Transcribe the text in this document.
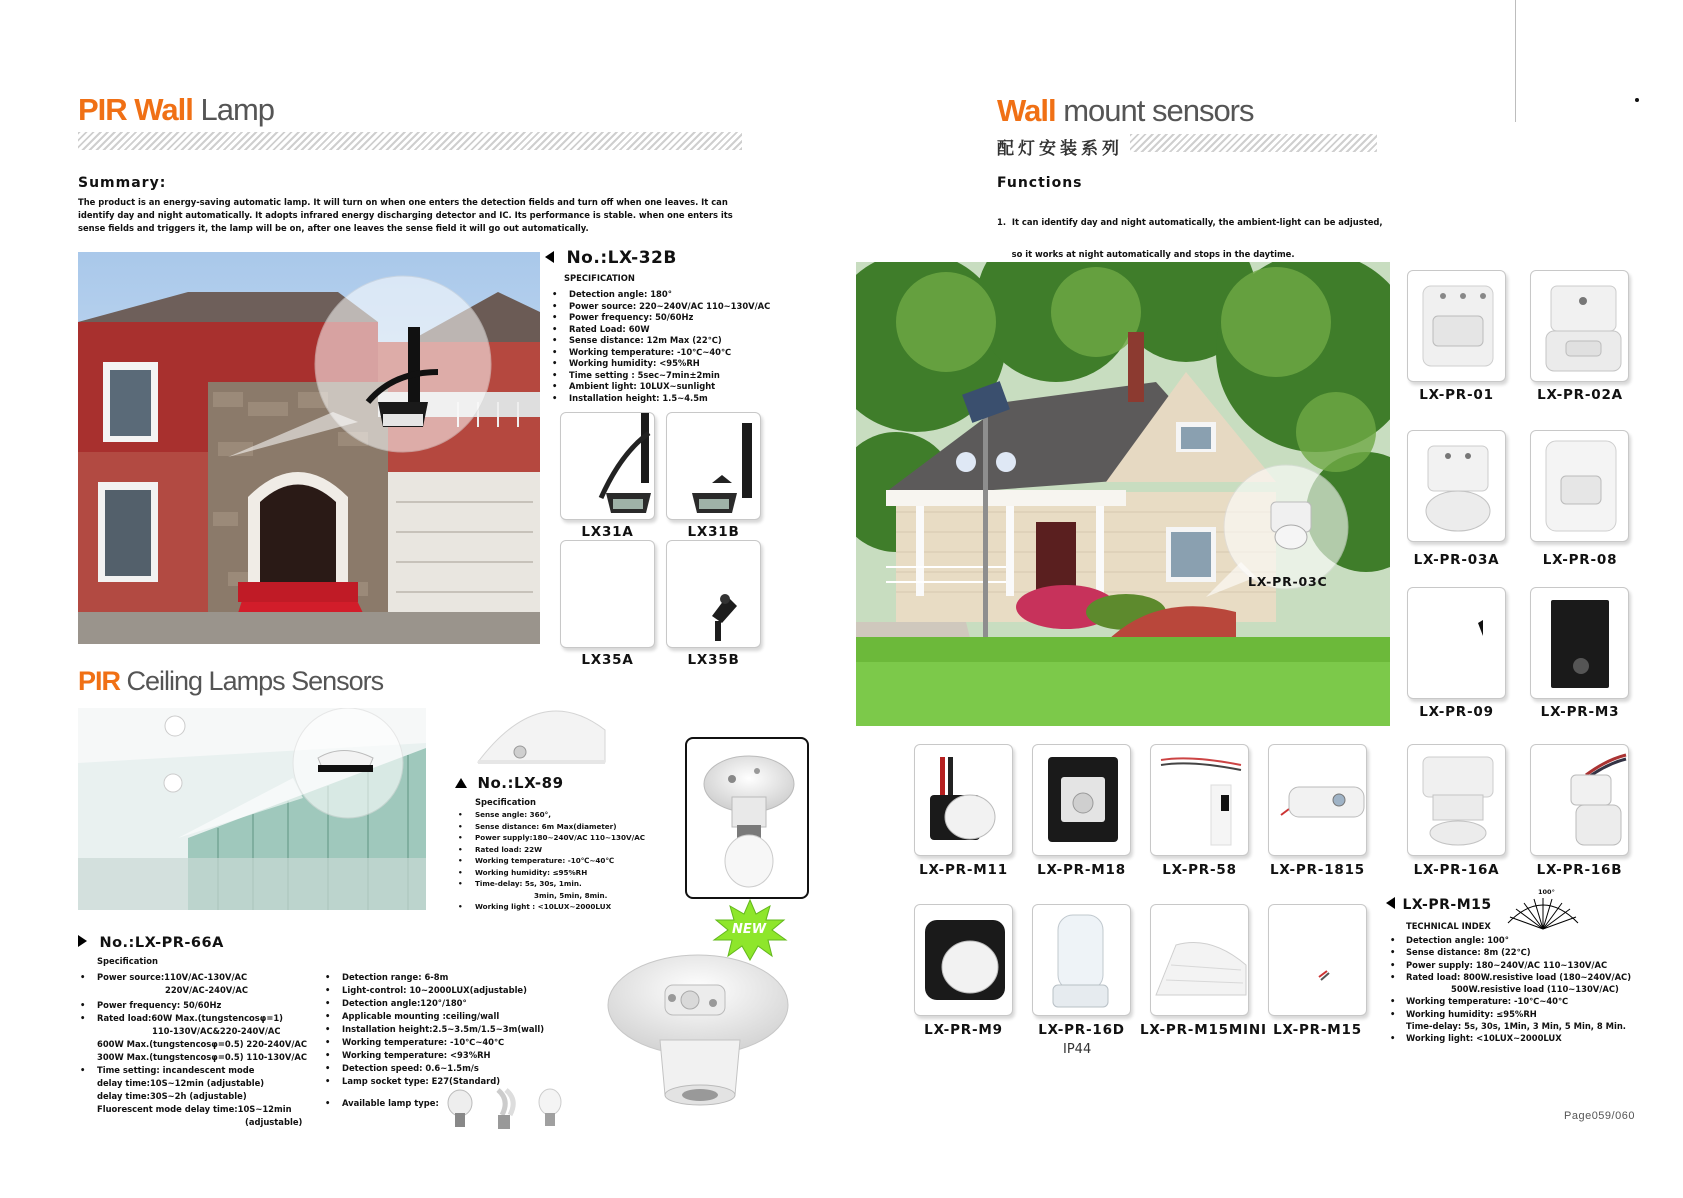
PIR Wall Lamp
Summary:
The product is an energy-saving automatic lamp. It will turn on when one enters the detection fields and turn off when one leaves. It can identify day and night automatically. It adopts infrared energy discharging detector and IC. Its performance is stable. when one enters its sense fields and triggers it, the lamp will be on, after one leaves the sense field it will go out automatically.
No.:LX-32B
SPECIFICATION
• Detection angle: 180°
• Power source: 220~240V/AC 110~130V/AC
• Power frequency: 50/60Hz
• Rated Load: 60W
• Sense distance: 12m Max (22℃)
• Working temperature: -10℃~40℃
• Working humidity: <95%RH
• Time setting : 5sec~7min±2min
• Ambient light: 10LUX~sunlight
• Installation height: 1.5~4.5m
LX31A	LX31B
LX35A	LX35B
PIR Ceiling Lamps Sensors
No.:LX-89
Specification
• Sense angle: 360°,
• Sense distance: 6m Max(diameter)
• Power supply:180~240V/AC 110~130V/AC
• Rated load: 22W
• Working temperature: -10℃~40℃
• Working humidity: ≤95%RH
• Time-delay: 5s, 30s, 1min.
3min, 5min, 8min.
• Working light : <10LUX~2000LUX
No.:LX-PR-66A
Specification
• Power source:110V/AC-130V/AC
220V/AC-240V/AC
• Power frequency: 50/60Hz
• Rated load:60W Max.(tungstencosφ=1)
110-130V/AC&220-240V/AC
600W Max.(tungstencosφ=0.5) 220-240V/AC
300W Max.(tungstencosφ=0.5) 110-130V/AC
• Time setting: incandescent mode
delay time:10S~12min (adjustable)
delay time:30S~2h (adjustable)
Fluorescent mode delay time:10S~12min
(adjustable)
• Detection range: 6-8m
• Light-control: 10~2000LUX(adjustable)
• Detection angle:120°/180°
• Applicable mounting :ceiling/wall
• Installation height:2.5~3.5m/1.5~3m(wall)
• Working temperature: -10℃~40℃
• Working temperature: <93%RH
• Detection speed: 0.6~1.5m/s
• Lamp socket type: E27(Standard)
• Available lamp type:
NEW
Wall mount sensors
配灯安装系列
Functions

1.  It can identify day and night automatically, the ambient-light can be adjusted,

so it works at night automatically and stops in the daytime.

LX-PR-03C
LX-PR-01	LX-PR-02A
LX-PR-03A	LX-PR-08
LX-PR-09	LX-PR-M3
LX-PR-M11	LX-PR-M18	LX-PR-58	LX-PR-1815	LX-PR-16A	LX-PR-16B
LX-PR-M9	LX-PR-16D	LX-PR-M15MINI LX-PR-M15
IP44
LX-PR-M15
100°
TECHNICAL INDEX
• Detection angle: 100°
• Sense distance: 8m (22℃)
• Power supply: 180~240V/AC 110~130V/AC
• Rated load: 800W.resistive load (180~240V/AC)
500W.resistive load (110~130V/AC)
• Working temperature: -10℃~40℃
• Working humidity: ≤95%RH
Time-delay: 5s, 30s, 1Min, 3 Min, 5 Min, 8 Min.
• Working light: <10LUX~2000LUX
Page059/060
